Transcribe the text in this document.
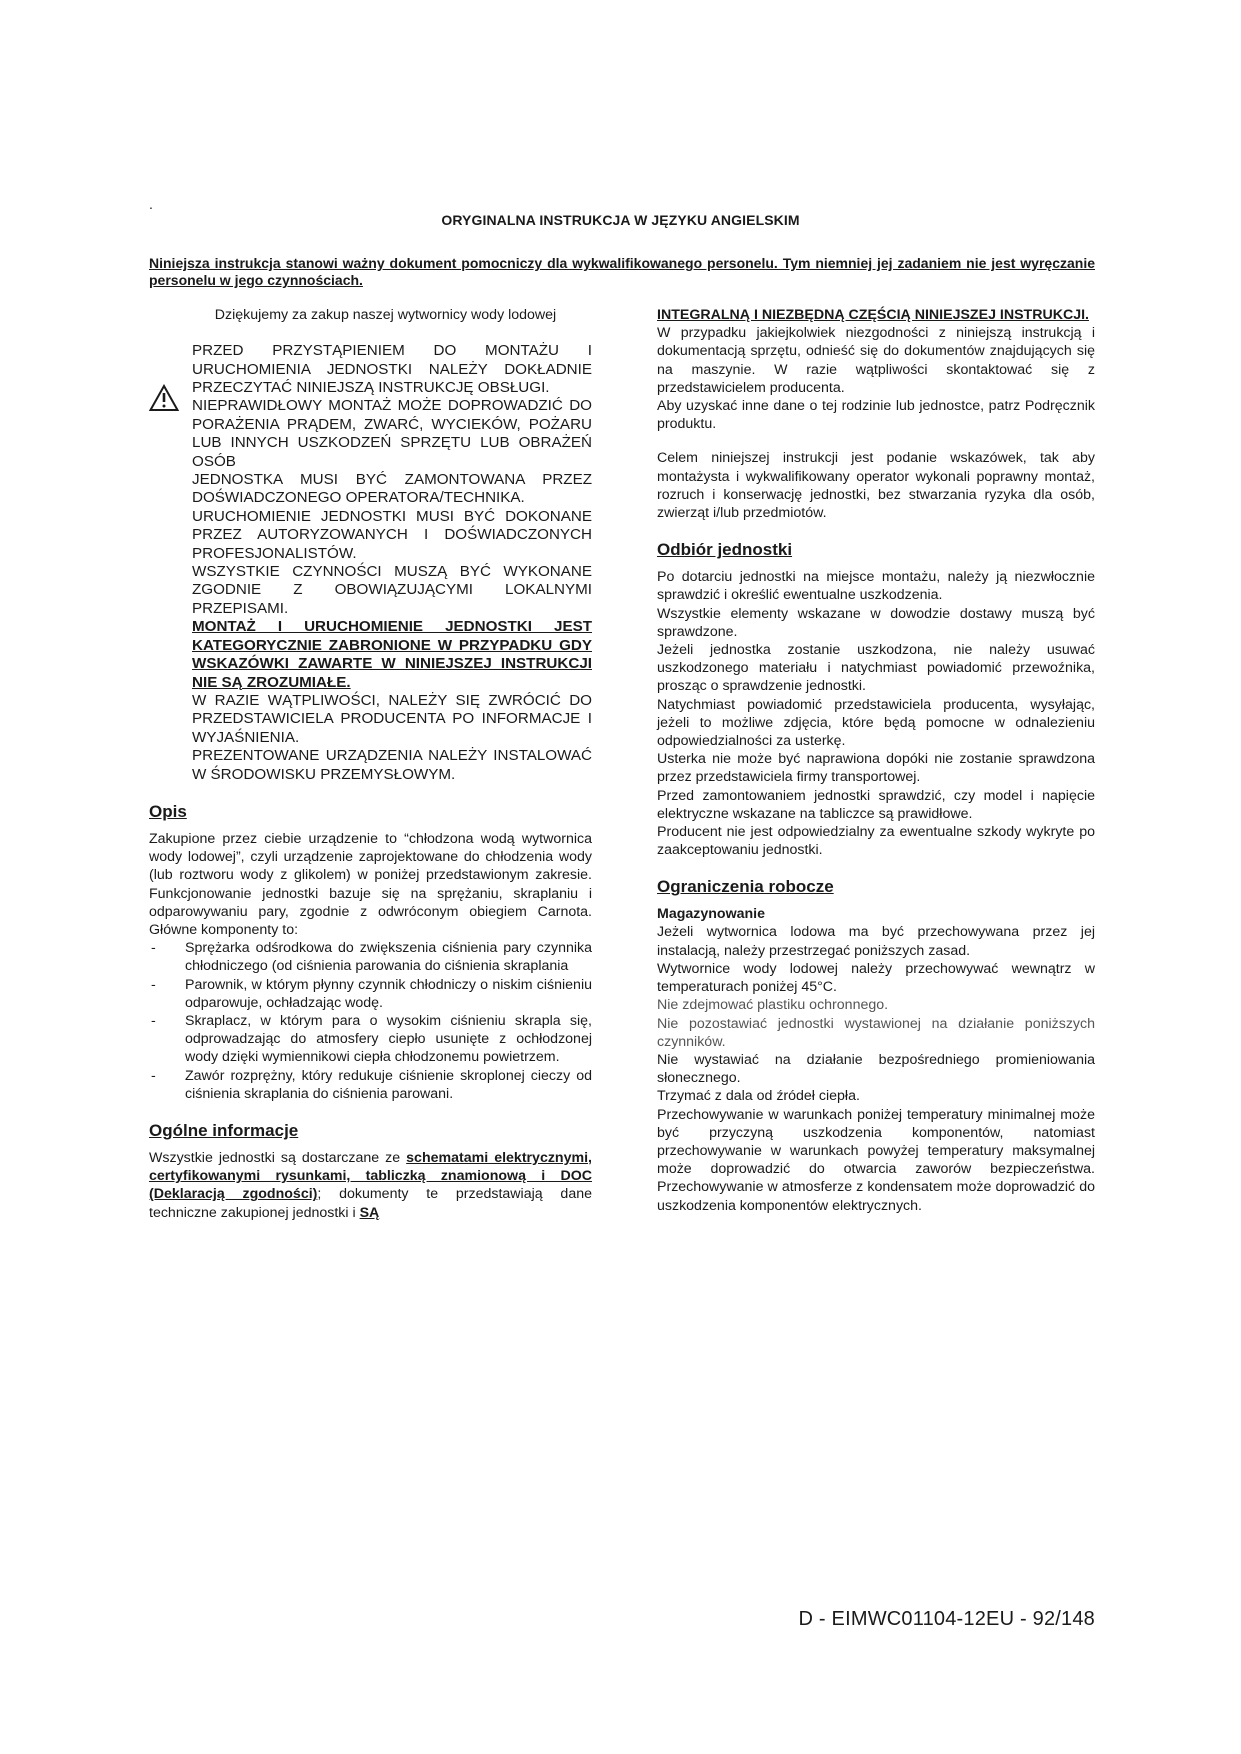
.
ORYGINALNA INSTRUKCJA W JĘZYKU ANGIELSKIM
Niniejsza instrukcja stanowi ważny dokument pomocniczy dla wykwalifikowanego personelu. Tym niemniej jej zadaniem nie jest wyręczanie personelu w jego czynnościach.

Dziękujemy za zakup naszej wytwornicy wody lodowej

PRZED PRZYSTĄPIENIEM DO MONTAŻU I URUCHOMIENIA JEDNOSTKI NALEŻY DOKŁADNIE PRZECZYTAĆ NINIEJSZĄ INSTRUKCJĘ OBSŁUGI.

NIEPRAWIDŁOWY MONTAŻ MOŻE DOPROWADZIĆ DO PORAŻENIA PRĄDEM, ZWARĆ, WYCIEKÓW, POŻARU LUB INNYCH USZKODZEŃ SPRZĘTU LUB OBRAŻEŃ OSÓB

JEDNOSTKA MUSI BYĆ ZAMONTOWANA PRZEZ DOŚWIADCZONEGO OPERATORA/TECHNIKA.

URUCHOMIENIE JEDNOSTKI MUSI BYĆ DOKONANE PRZEZ AUTORYZOWANYCH I DOŚWIADCZONYCH PROFESJONALISTÓW.

WSZYSTKIE CZYNNOŚCI MUSZĄ BYĆ WYKONANE ZGODNIE Z OBOWIĄZUJĄCYMI LOKALNYMI PRZEPISAMI.

MONTAŻ I URUCHOMIENIE JEDNOSTKI JEST KATEGORYCZNIE ZABRONIONE W PRZYPADKU GDY WSKAZÓWKI ZAWARTE W NINIEJSZEJ INSTRUKCJI NIE SĄ ZROZUMIAŁE.

W RAZIE WĄTPLIWOŚCI, NALEŻY SIĘ ZWRÓCIĆ DO PRZEDSTAWICIELA PRODUCENTA PO INFORMACJE I WYJAŚNIENIA.

PREZENTOWANE URZĄDZENIA NALEŻY INSTALOWAĆ W ŚRODOWISKU PRZEMYSŁOWYM.

Opis

Zakupione przez ciebie urządzenie to “chłodzona wodą wytwornica wody lodowej”, czyli urządzenie zaprojektowane do chłodzenia wody (lub roztworu wody z glikolem) w poniżej przedstawionym zakresie. Funkcjonowanie jednostki bazuje się na sprężaniu, skraplaniu i odparowywaniu pary, zgodnie z odwróconym obiegiem Carnota. Główne komponenty to:

- Sprężarka odśrodkowa do zwiększenia ciśnienia pary czynnika chłodniczego (od ciśnienia parowania do ciśnienia skraplania
- Parownik, w którym płynny czynnik chłodniczy o niskim ciśnieniu odparowuje, ochładzając wodę.
- Skraplacz, w którym para o wysokim ciśnieniu skrapla się, odprowadzając do atmosfery ciepło usunięte z ochłodzonej wody dzięki wymiennikowi ciepła chłodzonemu powietrzem.
- Zawór rozprężny, który redukuje ciśnienie skroplonej cieczy od ciśnienia skraplania do ciśnienia parowani.
Ogólne informacje

Wszystkie jednostki są dostarczane ze schematami elektrycznymi, certyfikowanymi rysunkami, tabliczką znamionową i DOC (Deklaracją zgodności); dokumenty te przedstawiają dane techniczne zakupionej jednostki i SĄ

INTEGRALNĄ I NIEZBĘDNĄ CZĘŚCIĄ NINIEJSZEJ INSTRUKCJI.

W przypadku jakiejkolwiek niezgodności z niniejszą instrukcją i dokumentacją sprzętu, odnieść się do dokumentów znajdujących się na maszynie. W razie wątpliwości skontaktować się z przedstawicielem producenta.

Aby uzyskać inne dane o tej rodzinie lub jednostce, patrz Podręcznik produktu.

Celem niniejszej instrukcji jest podanie wskazówek, tak aby montażysta i wykwalifikowany operator wykonali poprawny montaż, rozruch i konserwację jednostki, bez stwarzania ryzyka dla osób, zwierząt i/lub przedmiotów.

Odbiór jednostki

Po dotarciu jednostki na miejsce montażu, należy ją niezwłocznie sprawdzić i określić ewentualne uszkodzenia.

Wszystkie elementy wskazane w dowodzie dostawy muszą być sprawdzone.

Jeżeli jednostka zostanie uszkodzona, nie należy usuwać uszkodzonego materiału i natychmiast powiadomić przewoźnika, prosząc o sprawdzenie jednostki.

Natychmiast powiadomić przedstawiciela producenta, wysyłając, jeżeli to możliwe zdjęcia, które będą pomocne w odnalezieniu odpowiedzialności za usterkę.

Usterka nie może być naprawiona dopóki nie zostanie sprawdzona przez przedstawiciela firmy transportowej.

Przed zamontowaniem jednostki sprawdzić, czy model i napięcie elektryczne wskazane na tabliczce są prawidłowe.

Producent nie jest odpowiedzialny za ewentualne szkody wykryte po zaakceptowaniu jednostki.

Ograniczenia robocze
Magazynowanie

Jeżeli wytwornica lodowa ma być przechowywana przez jej instalacją, należy przestrzegać poniższych zasad.

Wytwornice wody lodowej należy przechowywać wewnątrz w temperaturach poniżej 45°C.

Nie zdejmować plastiku ochronnego.

Nie pozostawiać jednostki wystawionej na działanie poniższych czynników.

Nie wystawiać na działanie bezpośredniego promieniowania słonecznego.

Trzymać z dala od źródeł ciepła.

Przechowywanie w warunkach poniżej temperatury minimalnej może być przyczyną uszkodzenia komponentów, natomiast przechowywanie w warunkach powyżej temperatury maksymalnej może doprowadzić do otwarcia zaworów bezpieczeństwa. Przechowywanie w atmosferze z kondensatem może doprowadzić do uszkodzenia komponentów elektrycznych.

D - EIMWC01104-12EU - 92/148
